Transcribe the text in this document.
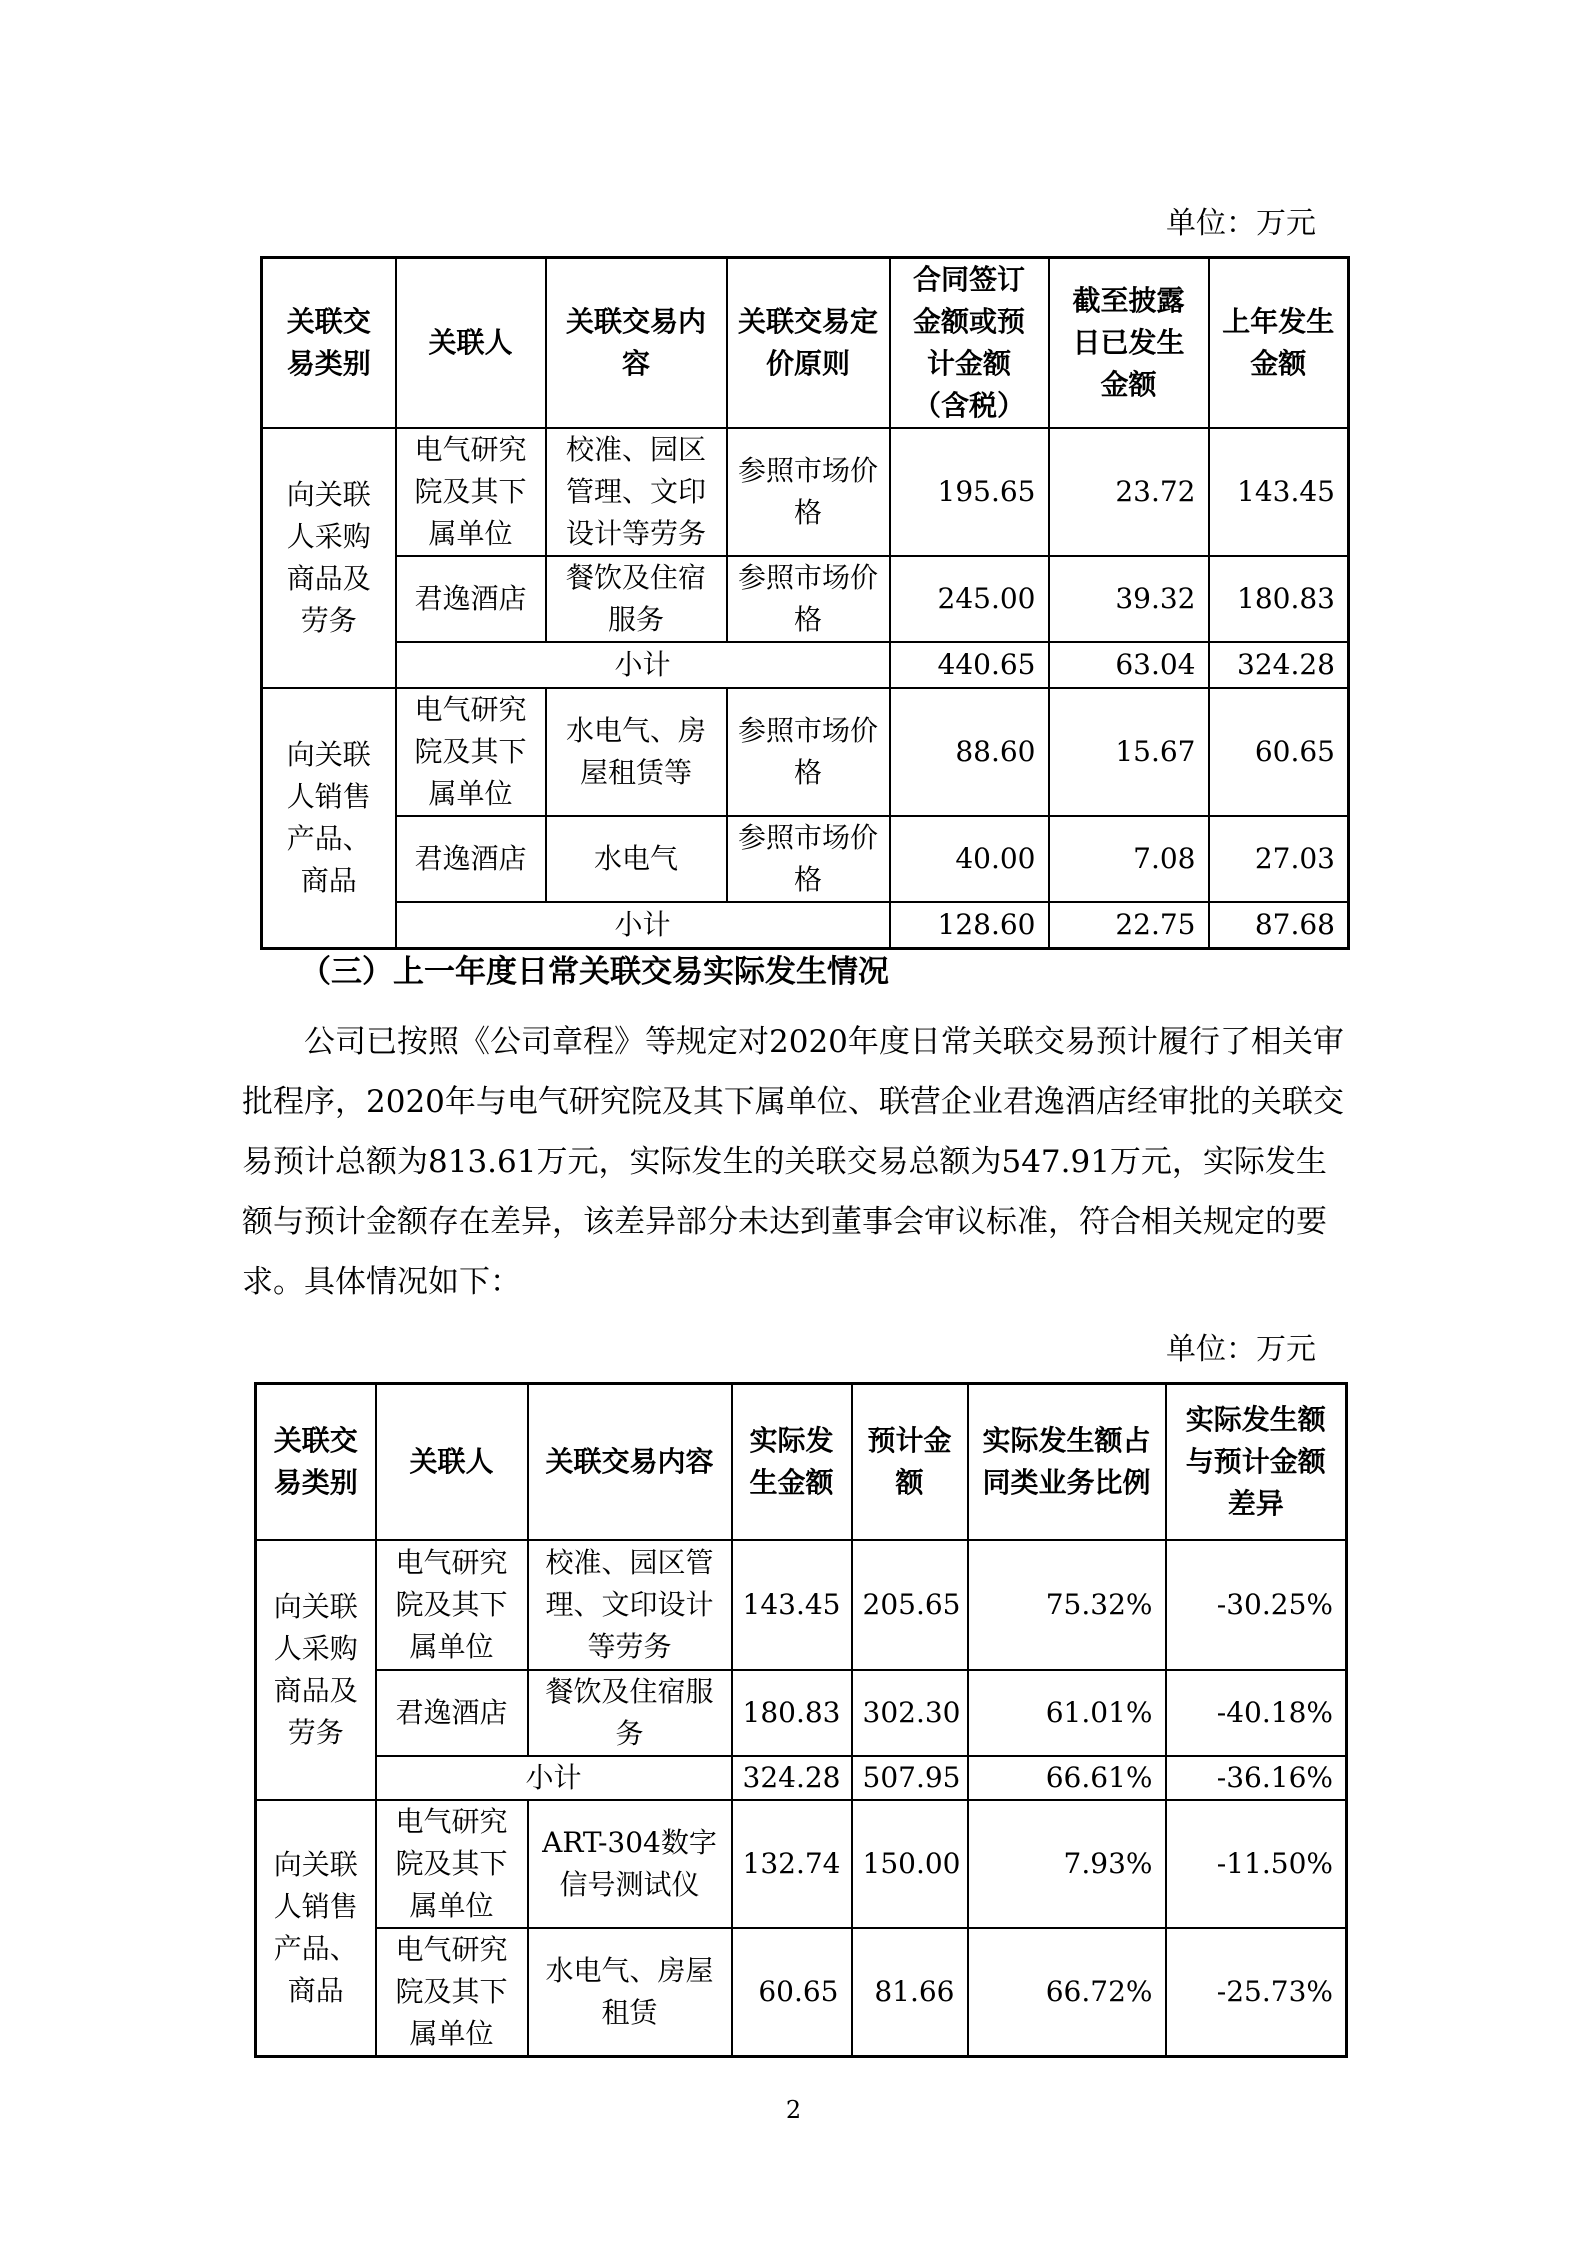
单位：万元
关联交易类别	关联人	关联交易内容	关联交易定价原则	合同签订金额或预计金额（含税）	截至披露日已发生金额	上年发生金额
向关联人采购商品及劳务	电气研究院及其下属单位	校准、园区管理、文印设计等劳务	参照市场价格	195.65	23.72	143.45
	君逸酒店	餐饮及住宿服务	参照市场价格	245.00	39.32	180.83
	小计			440.65	63.04	324.28
向关联人销售产品、商品	电气研究院及其下属单位	水电气、房屋租赁等	参照市场价格	88.60	15.67	60.65
	君逸酒店	水电气	参照市场价格	40.00	7.08	27.03
	小计			128.60	22.75	87.68
（三）上一年度日常关联交易实际发生情况
公司已按照《公司章程》等规定对2020年度日常关联交易预计履行了相关审批程序，2020年与电气研究院及其下属单位、联营企业君逸酒店经审批的关联交易预计总额为813.61万元，实际发生的关联交易总额为547.91万元，实际发生额与预计金额存在差异，该差异部分未达到董事会审议标准，符合相关规定的要求。具体情况如下：
单位：万元
关联交易类别	关联人	关联交易内容	实际发生金额	预计金额	实际发生额占同类业务比例	实际发生额与预计金额差异
向关联人采购商品及劳务	电气研究院及其下属单位	校准、园区管理、文印设计等劳务	143.45	205.65	75.32%	-30.25%
	君逸酒店	餐饮及住宿服务	180.83	302.30	61.01%	-40.18%
	小计		324.28	507.95	66.61%	-36.16%
向关联人销售产品、商品	电气研究院及其下属单位	ART-304数字信号测试仪	132.74	150.00	7.93%	-11.50%
	电气研究院及其下属单位	水电气、房屋租赁	60.65	81.66	66.72%	-25.73%
2
